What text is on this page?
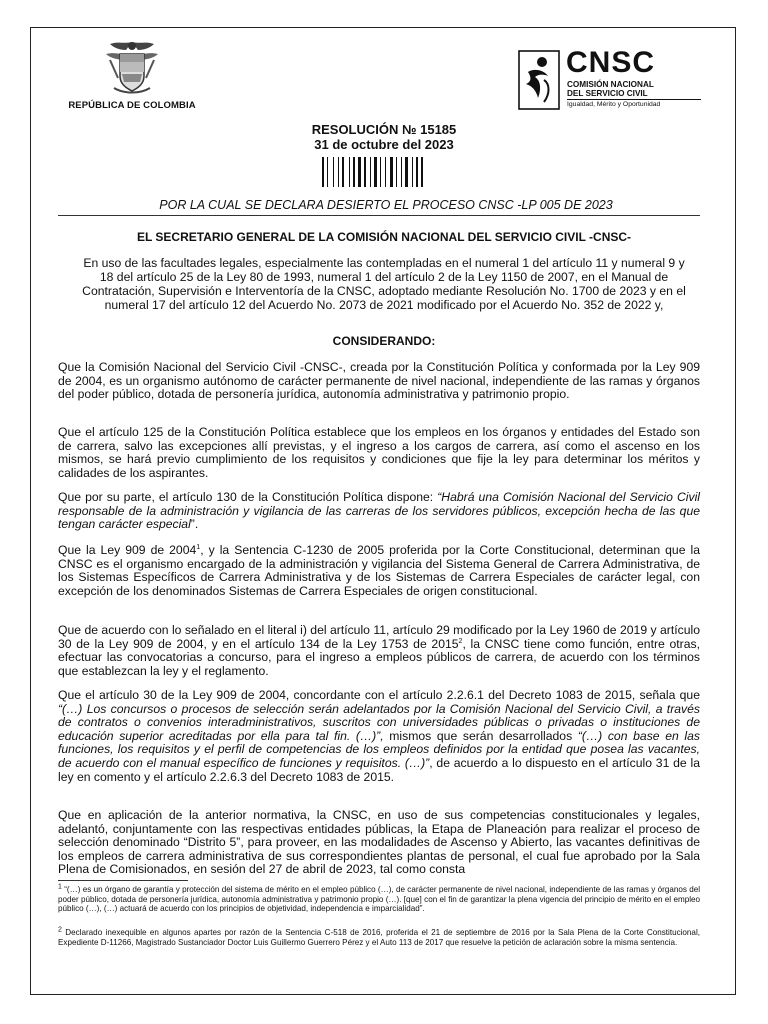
REPÚBLICA DE COLOMBIA
CNSC
COMISIÓN NACIONAL
DEL SERVICIO CIVIL
Igualdad, Mérito y Oportunidad
RESOLUCIÓN № 15185
31 de octubre del 2023
POR LA CUAL SE DECLARA DESIERTO EL PROCESO CNSC -LP 005 DE 2023
EL SECRETARIO GENERAL DE LA COMISIÓN NACIONAL DEL SERVICIO CIVIL -CNSC-
En uso de las facultades legales, especialmente las contempladas en el numeral 1 del artículo 11 y numeral 9 y 18 del artículo 25 de la Ley 80 de 1993, numeral 1 del artículo 2 de la Ley 1150 de 2007, en el Manual de Contratación, Supervisión e Interventoría de la CNSC, adoptado mediante Resolución No. 1700 de 2023 y en el numeral 17 del artículo 12 del Acuerdo No. 2073 de 2021 modificado por el Acuerdo No. 352 de 2022 y,
CONSIDERANDO:
Que la Comisión Nacional del Servicio Civil -CNSC-, creada por la Constitución Política y conformada por la Ley 909 de 2004, es un organismo autónomo de carácter permanente de nivel nacional, independiente de las ramas y órganos del poder público, dotada de personería jurídica, autonomía administrativa y patrimonio propio.
Que el artículo 125 de la Constitución Política establece que los empleos en los órganos y entidades del Estado son de carrera, salvo las excepciones allí previstas, y el ingreso a los cargos de carrera, así como el ascenso en los mismos, se hará previo cumplimiento de los requisitos y condiciones que fije la ley para determinar los méritos y calidades de los aspirantes.
Que por su parte, el artículo 130 de la Constitución Política dispone: “Habrá una Comisión Nacional del Servicio Civil responsable de la administración y vigilancia de las carreras de los servidores públicos, excepción hecha de las que tengan carácter especial”.
Que la Ley 909 de 2004$^1$, y la Sentencia C-1230 de 2005 proferida por la Corte Constitucional, determinan que la CNSC es el organismo encargado de la administración y vigilancia del Sistema General de Carrera Administrativa, de los Sistemas Específicos de Carrera Administrativa y de los Sistemas de Carrera Especiales de carácter legal, con excepción de los denominados Sistemas de Carrera Especiales de origen constitucional.
Que de acuerdo con lo señalado en el literal i) del artículo 11, artículo 29 modificado por la Ley 1960 de 2019 y artículo 30 de la Ley 909 de 2004, y en el artículo 134 de la Ley 1753 de 2015$^2$, la CNSC tiene como función, entre otras, efectuar las convocatorias a concurso, para el ingreso a empleos públicos de carrera, de acuerdo con los términos que establezcan la ley y el reglamento.
Que el artículo 30 de la Ley 909 de 2004, concordante con el artículo 2.2.6.1 del Decreto 1083 de 2015, señala que “(…) Los concursos o procesos de selección serán adelantados por la Comisión Nacional del Servicio Civil, a través de contratos o convenios interadministrativos, suscritos con universidades públicas o privadas o instituciones de educación superior acreditadas por ella para tal fin. (…)”, mismos que serán desarrollados “(…) con base en las funciones, los requisitos y el perfil de competencias de los empleos definidos por la entidad que posea las vacantes, de acuerdo con el manual específico de funciones y requisitos. (…)”, de acuerdo a lo dispuesto en el artículo 31 de la ley en comento y el artículo 2.2.6.3 del Decreto 1083 de 2015.
Que en aplicación de la anterior normativa, la CNSC, en uso de sus competencias constitucionales y legales, adelantó, conjuntamente con las respectivas entidades públicas, la Etapa de Planeación para realizar el proceso de selección denominado “Distrito 5”, para proveer, en las modalidades de Ascenso y Abierto, las vacantes definitivas de los empleos de carrera administrativa de sus correspondientes plantas de personal, el cual fue aprobado por la Sala Plena de Comisionados, en sesión del 27 de abril de 2023, tal como consta
$^1$ “(…) es un órgano de garantía y protección del sistema de mérito en el empleo público (…), de carácter permanente de nivel nacional, independiente de las ramas y órganos del poder público, dotada de personería jurídica, autonomía administrativa y patrimonio propio (…). [que] con el fin de garantizar la plena vigencia del principio de mérito en el empleo público (…), (…) actuará de acuerdo con los principios de objetividad, independencia e imparcialidad”.
$^2$ Declarado inexequible en algunos apartes por razón de la Sentencia C-518 de 2016, proferida el 21 de septiembre de 2016 por la Sala Plena de la Corte Constitucional, Expediente D-11266, Magistrado Sustanciador Doctor Luis Guillermo Guerrero Pérez y el Auto 113 de 2017 que resuelve la petición de aclaración sobre la misma sentencia.
